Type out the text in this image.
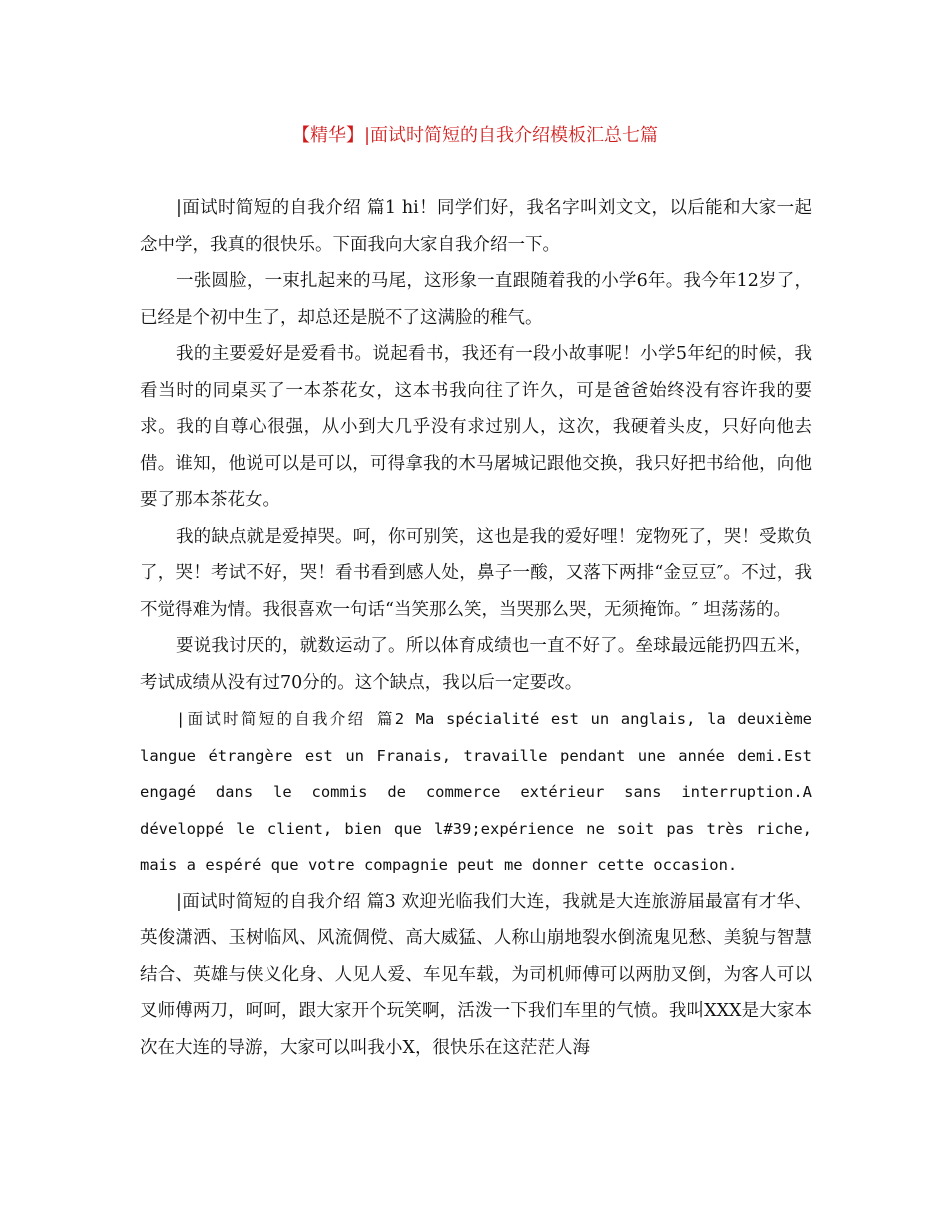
【精华】|面试时简短的自我介绍模板汇总七篇

|面试时简短的自我介绍 篇1 hi！同学们好，我名字叫刘文文，以后能和大家一起念中学，我真的很快乐。下面我向大家自我介绍一下。

一张圆脸，一束扎起来的马尾，这形象一直跟随着我的小学6年。我今年12岁了，已经是个初中生了，却总还是脱不了这满脸的稚气。

我的主要爱好是爱看书。说起看书，我还有一段小故事呢！小学5年纪的时候，我看当时的同桌买了一本茶花女，这本书我向往了许久，可是爸爸始终没有容许我的要求。我的自尊心很强，从小到大几乎没有求过别人，这次，我硬着头皮，只好向他去借。谁知，他说可以是可以，可得拿我的木马屠城记跟他交换，我只好把书给他，向他要了那本茶花女。

我的缺点就是爱掉哭。呵，你可别笑，这也是我的爱好哩！宠物死了，哭！受欺负了，哭！考试不好，哭！看书看到感人处，鼻子一酸，又落下两排“金豆豆″。不过，我不觉得难为情。我很喜欢一句话“当笑那么笑，当哭那么哭，无须掩饰。″ 坦荡荡的。

要说我讨厌的，就数运动了。所以体育成绩也一直不好了。垒球最远能扔四五米，考试成绩从没有过70分的。这个缺点，我以后一定要改。

|面试时简短的自我介绍 篇2 Ma spécialité est un anglais, la deuxième langue étrangère est un Franais, travaille pendant une année demi.Est engagé dans le commis de commerce extérieur sans interruption.A développé le client, bien que l#39;expérience ne soit pas très riche, mais a espéré que votre compagnie peut me donner cette occasion.

|面试时简短的自我介绍 篇3 欢迎光临我们大连，我就是大连旅游届最富有才华、英俊潇洒、玉树临风、风流倜傥、高大威猛、人称山崩地裂水倒流鬼见愁、美貌与智慧结合、英雄与侠义化身、人见人爱、车见车载，为司机师傅可以两肋叉倒，为客人可以叉师傅两刀，呵呵，跟大家开个玩笑啊，活泼一下我们车里的气愤。我叫XXX是大家本次在大连的导游，大家可以叫我小X，很快乐在这茫茫人海
